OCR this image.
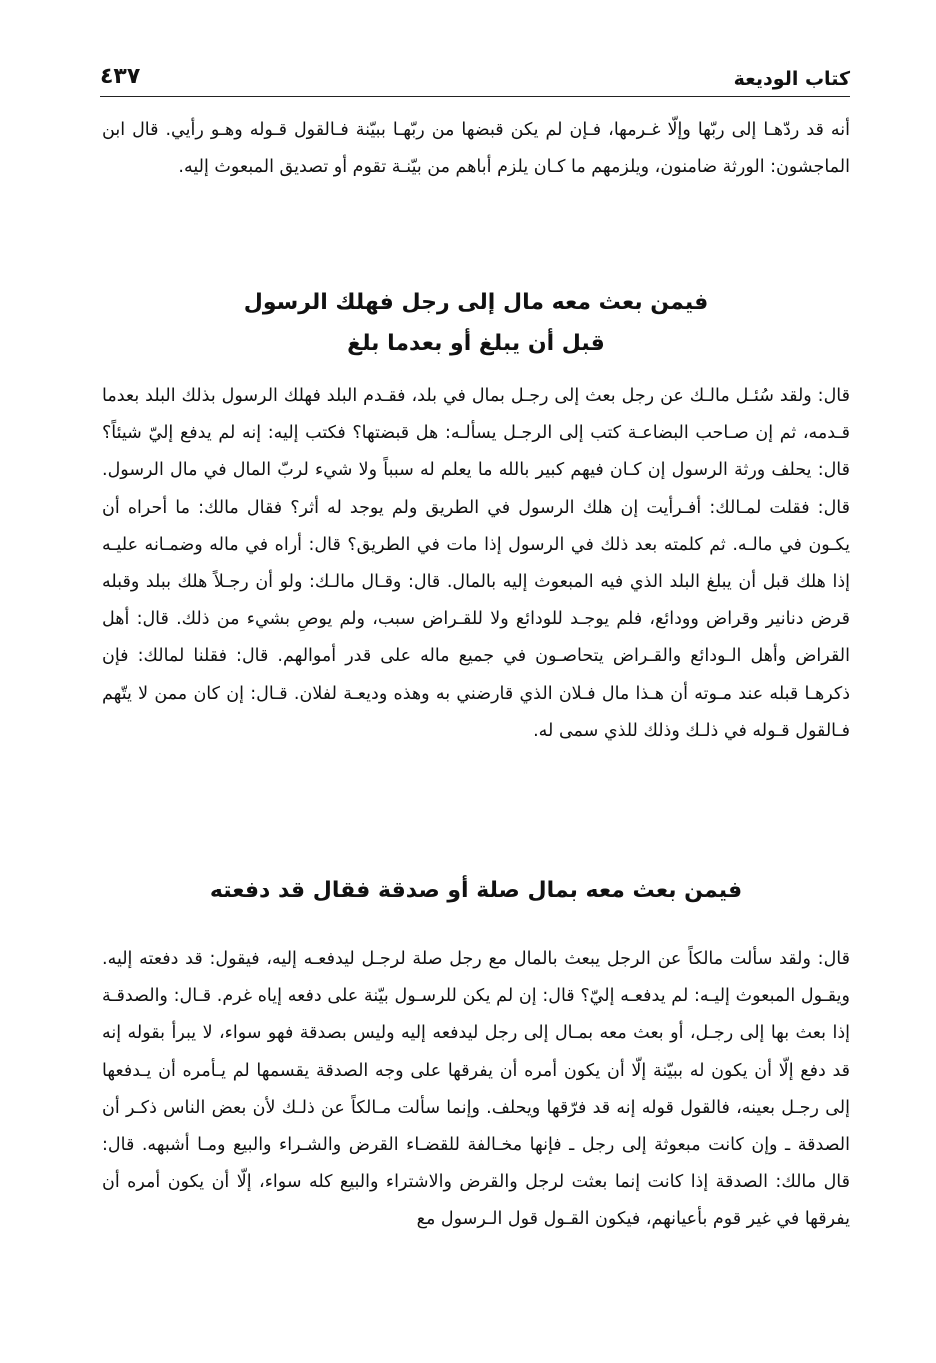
كتاب الوديعة
٤٣٧

أنه قد ردّهـا إلى ربّها وإلّا غـرمها، فـإن لم يكن قبضها من ربّهـا ببيّنة فـالقول قـوله وهـو رأيي. قال ابن الماجشون: الورثة ضامنون، ويلزمهم ما كـان يلزم أباهم من بيّنـة تقوم أو تصديق المبعوث إليه.

فيمن بعث معه مال إلى رجل فهلك الرسول
قبل أن يبلغ أو بعدما بلغ

قال: ولقد سُئـل مالـك عن رجل بعث إلى رجـل بمال في بلد، فقـدم البلد فهلك الرسول بذلك البلد بعدما قـدمه، ثم إن صـاحب البضاعـة كتب إلى الرجـل يسألـه: هل قبضتها؟ فكتب إليه: إنه لم يدفع إليّ شيئاً؟ قال: يحلف ورثة الرسول إن كـان فيهم كبير بالله ما يعلم له سبباً ولا شيء لربّ المال في مال الرسول. قال: فقلت لمـالك: أفـرأيت إن هلك الرسول في الطريق ولم يوجد له أثر؟ فقال مالك: ما أحراه أن يكـون في مالـه. ثم كلمته بعد ذلك في الرسول إذا مات في الطريق؟ قال: أراه في ماله وضمـانه عليـه إذا هلك قبل أن يبلغ البلد الذي فيه المبعوث إليه بالمال. قال: وقـال مالـك: ولو أن رجـلاً هلك ببلد وقبله قرض دنانير وقراض وودائع، فلم يوجـد للودائع ولا للقـراض سبب، ولم يوصِ بشيء من ذلك. قال: أهل القراض وأهل الـودائع والقـراض يتحاصـون في جميع ماله على قدر أموالهم. قال: فقلنا لمالك: فإن ذكرهـا قبله عند مـوته أن هـذا مال فـلان الذي قارضني به وهذه وديعـة لفلان. قـال: إن كان ممن لا يتّهم فـالقول قـوله في ذلـك وذلك للذي سمى له.

فيمن بعث معه بمال صلة أو صدقة فقال قد دفعته

قال: ولقد سألت مالكاً عن الرجل يبعث بالمال مع رجل صلة لرجـل ليدفعـه إليه، فيقول: قد دفعته إليه. ويقـول المبعوث إليـه: لم يدفعـه إليّ؟ قال: إن لم يكن للرسـول بيّنة على دفعه إياه غرم. قـال: والصدقـة إذا بعث بها إلى رجـل، أو بعث معه بمـال إلى رجل ليدفعه إليه وليس بصدقة فهو سواء، لا يبرأ بقوله إنه قد دفع إلّا أن يكون له ببيّنة إلّا أن يكون أمره أن يفرقها على وجه الصدقة يقسمها لم يـأمره أن يـدفعها إلى رجـل بعينه، فالقول قوله إنه قد فرّقها ويحلف. وإنما سألت مـالكاً عن ذلـك لأن بعض الناس ذكـر أن الصدقة ـ وإن كانت مبعوثة إلى رجل ـ فإنها مخـالفة للقضـاء القرض والشـراء والبيع ومـا أشبهه. قال: قال مالك: الصدقة إذا كانت إنما بعثت لرجل والقرض والاشتراء والبيع كله سواء، إلّا أن يكون أمره أن يفرقها في غير قوم بأعيانهم، فيكون القـول قول الـرسول مع
